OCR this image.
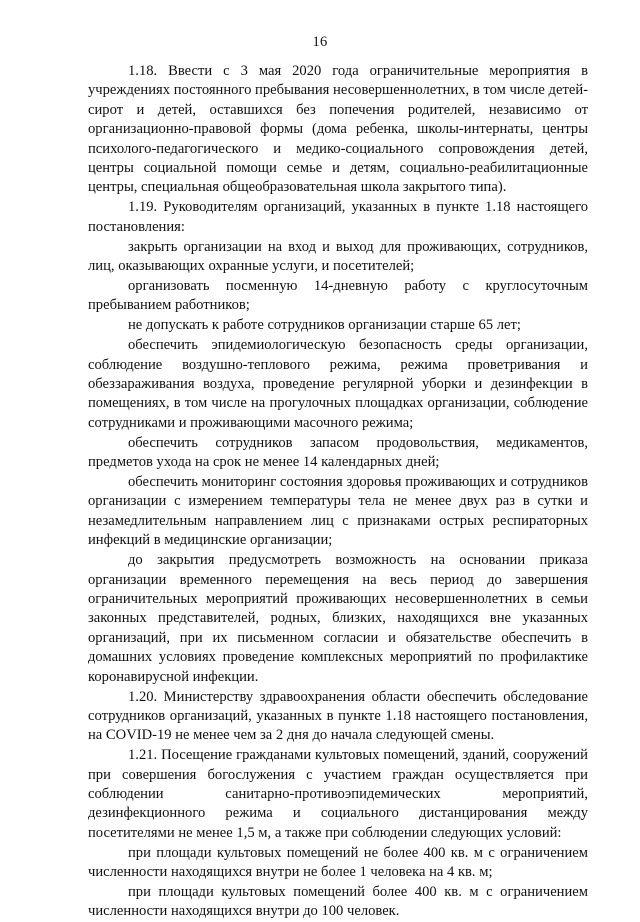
16

1.18. Ввести с 3 мая 2020 года ограничительные мероприятия в учреждениях постоянного пребывания несовершеннолетних, в том числе детей-сирот и детей, оставшихся без попечения родителей, независимо от организационно-правовой формы (дома ребенка, школы-интернаты, центры психолого-педагогического и медико-социального сопровождения детей, центры социальной помощи семье и детям, социально-реабилитационные центры, специальная общеобразовательная школа закрытого типа).

1.19. Руководителям организаций, указанных в пункте 1.18 настоящего постановления:

закрыть организации на вход и выход для проживающих, сотрудников, лиц, оказывающих охранные услуги, и посетителей;

организовать посменную 14-дневную работу с круглосуточным пребыванием работников;

не допускать к работе сотрудников организации старше 65 лет;

обеспечить эпидемиологическую безопасность среды организации, соблюдение воздушно-теплового режима, режима проветривания и обеззараживания воздуха, проведение регулярной уборки и дезинфекции в помещениях, в том числе на прогулочных площадках организации, соблюдение сотрудниками и проживающими масочного режима;

обеспечить сотрудников запасом продовольствия, медикаментов, предметов ухода на срок не менее 14 календарных дней;

обеспечить мониторинг состояния здоровья проживающих и сотрудников организации с измерением температуры тела не менее двух раз в сутки и незамедлительным направлением лиц с признаками острых респираторных инфекций в медицинские организации;

до закрытия предусмотреть возможность на основании приказа организации временного перемещения на весь период до завершения ограничительных мероприятий проживающих несовершеннолетних в семьи законных представителей, родных, близких, находящихся вне указанных организаций, при их письменном согласии и обязательстве обеспечить в домашних условиях проведение комплексных мероприятий по профилактике коронавирусной инфекции.

1.20. Министерству здравоохранения области обеспечить обследование сотрудников организаций, указанных в пункте 1.18 настоящего постановления, на COVID-19 не менее чем за 2 дня до начала следующей смены.

1.21. Посещение гражданами культовых помещений, зданий, сооружений при совершения богослужения с участием граждан осуществляется при соблюдении санитарно-противоэпидемических мероприятий, дезинфекционного режима и социального дистанцирования между посетителями не менее 1,5 м, а также при соблюдении следующих условий:

при площади культовых помещений не более 400 кв. м с ограничением численности находящихся внутри не более 1 человека на 4 кв. м;

при площади культовых помещений более 400 кв. м с ограничением численности находящихся внутри до 100 человек.
